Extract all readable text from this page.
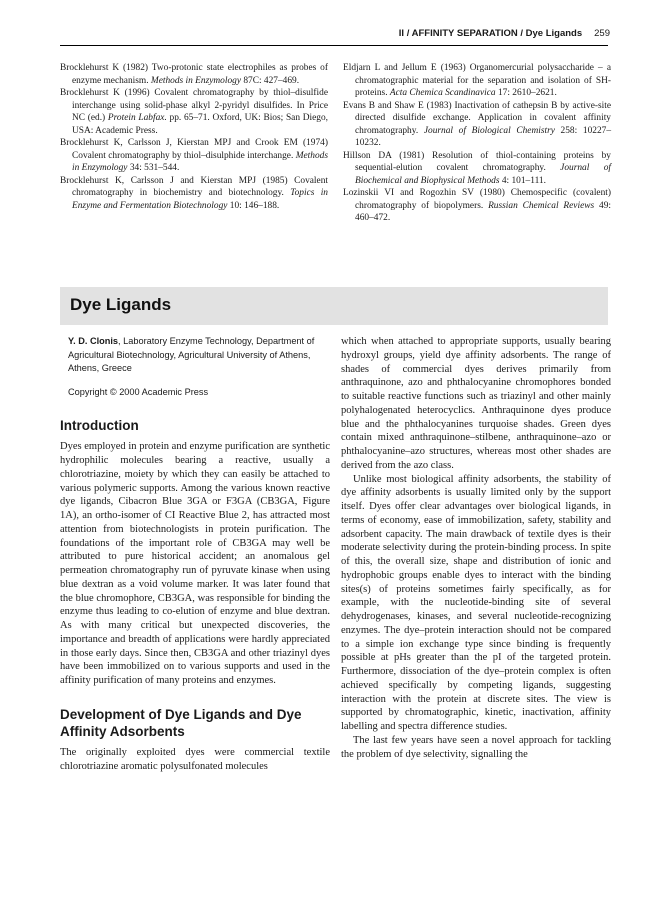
II / AFFINITY SEPARATION / Dye Ligands 259

Brocklehurst K (1982) Two-protonic state electrophiles as probes of enzyme mechanism. Methods in Enzymology 87C: 427–469.

Brocklehurst K (1996) Covalent chromatography by thiol–disulfide interchange using solid-phase alkyl 2-pyridyl disulfides. In Price NC (ed.) Protein Labfax. pp. 65–71. Oxford, UK: Bios; San Diego, USA: Academic Press.

Brocklehurst K, Carlsson J, Kierstan MPJ and Crook EM (1974) Covalent chromatography by thiol–disulphide interchange. Methods in Enzymology 34: 531–544.

Brocklehurst K, Carlsson J and Kierstan MPJ (1985) Covalent chromatography in biochemistry and biotechnology. Topics in Enzyme and Fermentation Biotechnology 10: 146–188.

Eldjarn L and Jellum E (1963) Organomercurial polysaccharide – a chromatographic material for the separation and isolation of SH-proteins. Acta Chemica Scandinavica 17: 2610–2621.

Evans B and Shaw E (1983) Inactivation of cathepsin B by active-site directed disulfide exchange. Application in covalent affinity chromatography. Journal of Biological Chemistry 258: 10227–10232.

Hillson DA (1981) Resolution of thiol-containing proteins by sequential-elution covalent chromatography. Journal of Biochemical and Biophysical Methods 4: 101–111.

Lozinskii VI and Rogozhin SV (1980) Chemospecific (covalent) chromatography of biopolymers. Russian Chemical Reviews 49: 460–472.

Dye Ligands

Y. D. Clonis, Laboratory Enzyme Technology, Department of Agricultural Biotechnology, Agricultural University of Athens, Athens, Greece

Copyright © 2000 Academic Press

Introduction

Dyes employed in protein and enzyme purification are synthetic hydrophilic molecules bearing a reactive, usually a chlorotriazine, moiety by which they can easily be attached to various polymeric supports. Among the various known reactive dye ligands, Cibacron Blue 3GA or F3GA (CB3GA, Figure 1A), an ortho-isomer of CI Reactive Blue 2, has attracted most attention from biotechnologists in protein purification. The foundations of the important role of CB3GA may well be attributed to pure historical accident; an anomalous gel permeation chromatography run of pyruvate kinase when using blue dextran as a void volume marker. It was later found that the blue chromophore, CB3GA, was responsible for binding the enzyme thus leading to co-elution of enzyme and blue dextran. As with many critical but unexpected discoveries, the importance and breadth of applications were hardly appreciated in those early days. Since then, CB3GA and other triazinyl dyes have been immobilized on to various supports and used in the affinity purification of many proteins and enzymes.

Development of Dye Ligands and Dye Affinity Adsorbents

The originally exploited dyes were commercial textile chlorotriazine aromatic polysulfonated molecules

which when attached to appropriate supports, usually bearing hydroxyl groups, yield dye affinity adsorbents. The range of shades of commercial dyes derives primarily from anthraquinone, azo and phthalocyanine chromophores bonded to suitable reactive functions such as triazinyl and other mainly polyhalogenated heterocyclics. Anthraquinone dyes produce blue and the phthalocyanines turquoise shades. Green dyes contain mixed anthraquinone–stilbene, anthraquinone–azo or phthalocyanine–azo structures, whereas most other shades are derived from the azo class.

Unlike most biological affinity adsorbents, the stability of dye affinity adsorbents is usually limited only by the support itself. Dyes offer clear advantages over biological ligands, in terms of economy, ease of immobilization, safety, stability and adsorbent capacity. The main drawback of textile dyes is their moderate selectivity during the protein-binding process. In spite of this, the overall size, shape and distribution of ionic and hydrophobic groups enable dyes to interact with the binding sites(s) of proteins sometimes fairly specifically, as for example, with the nucleotide-binding site of several dehydrogenases, kinases, and several nucleotide-recognizing enzymes. The dye–protein interaction should not be compared to a simple ion exchange type since binding is frequently possible at pHs greater than the pI of the targeted protein. Furthermore, dissociation of the dye–protein complex is often achieved specifically by competing ligands, suggesting interaction with the protein at discrete sites. The view is supported by chromatographic, kinetic, inactivation, affinity labelling and spectra difference studies.

The last few years have seen a novel approach for tackling the problem of dye selectivity, signalling the
